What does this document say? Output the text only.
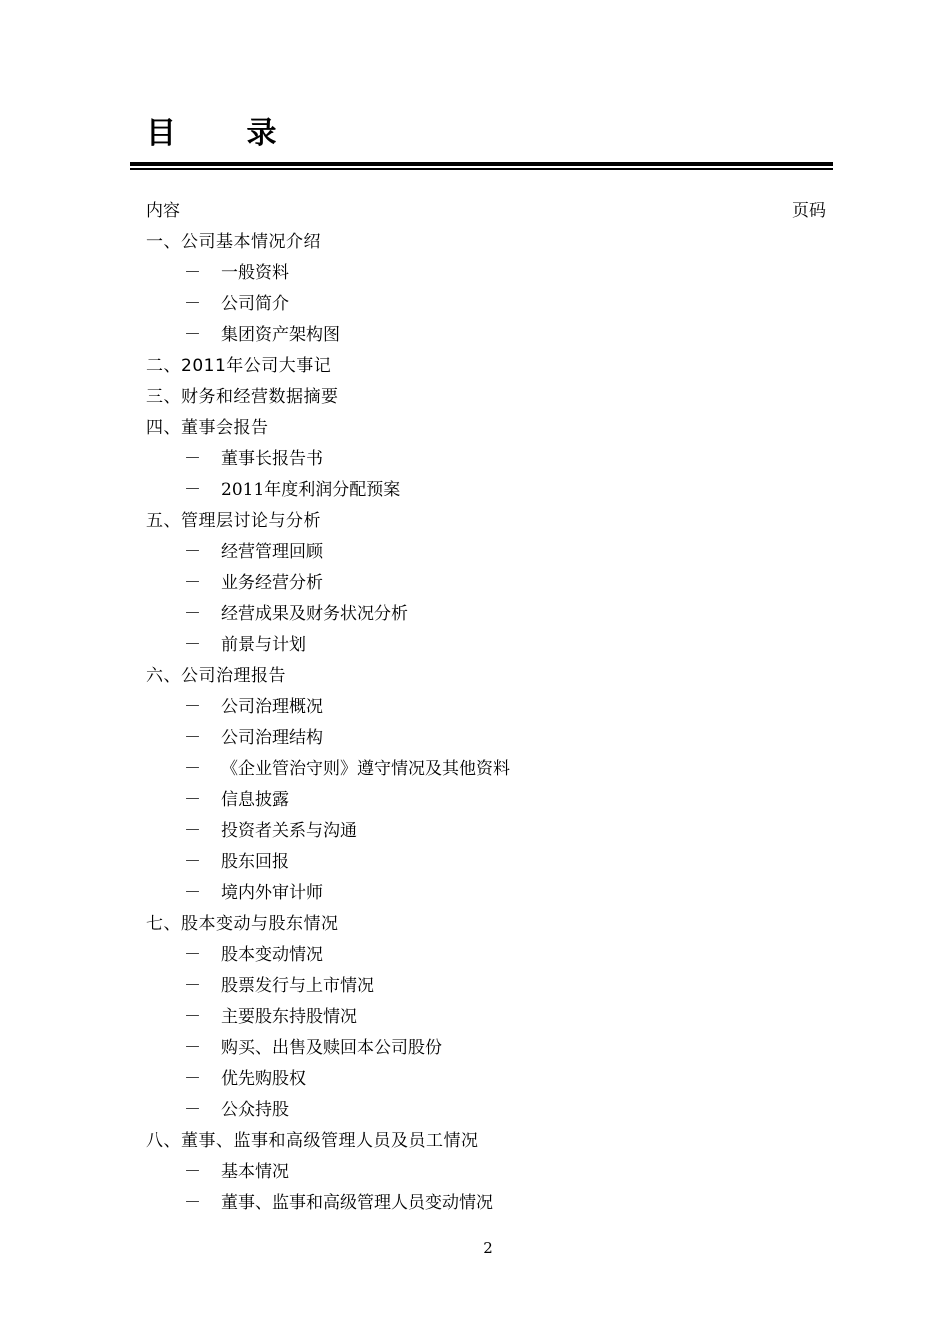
目 录
内容	页码
一、公司基本情况介绍
－ 一般资料
－ 公司简介
－ 集团资产架构图
二、2011年公司大事记
三、财务和经营数据摘要
四、董事会报告
－ 董事长报告书
－ 2011年度利润分配预案
五、管理层讨论与分析
－ 经营管理回顾
－ 业务经营分析
－ 经营成果及财务状况分析
－ 前景与计划
六、公司治理报告
－ 公司治理概况
－ 公司治理结构
－ 《企业管治守则》遵守情况及其他资料
－ 信息披露
－ 投资者关系与沟通
－ 股东回报
－ 境内外审计师
七、股本变动与股东情况
－ 股本变动情况
－ 股票发行与上市情况
－ 主要股东持股情况
－ 购买、出售及赎回本公司股份
－ 优先购股权
－ 公众持股
八、董事、监事和高级管理人员及员工情况
－ 基本情况
－ 董事、监事和高级管理人员变动情况
2
